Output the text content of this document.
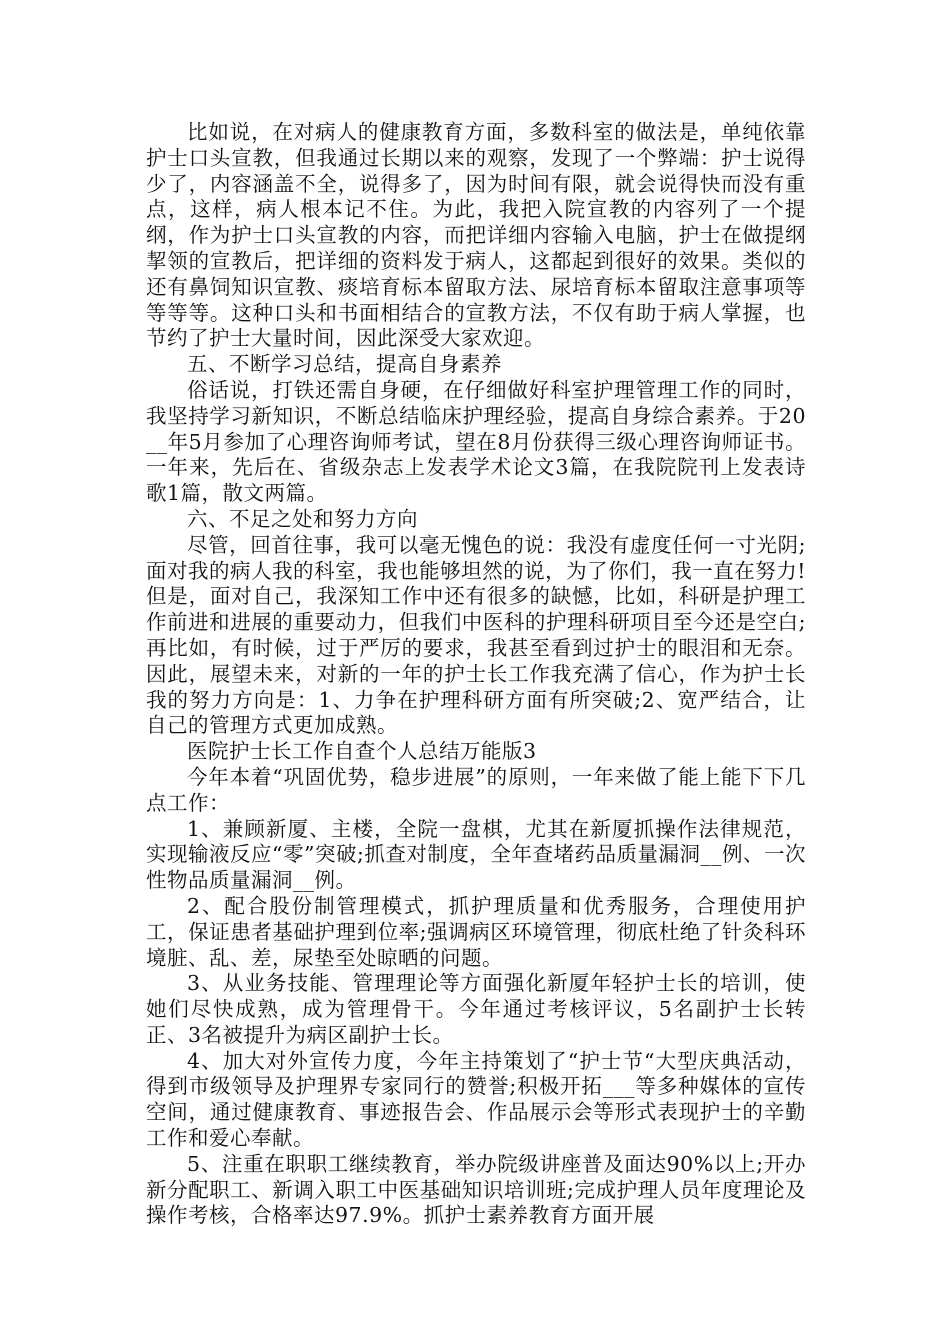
比如说，在对病人的健康教育方面，多数科室的做法是，单纯依靠护士口头宣教，但我通过长期以来的观察，发现了一个弊端：护士说得少了，内容涵盖不全，说得多了，因为时间有限，就会说得快而没有重点，这样，病人根本记不住。为此，我把入院宣教的内容列了一个提纲，作为护士口头宣教的内容，而把详细内容输入电脑，护士在做提纲挈领的宣教后，把详细的资料发于病人，这都起到很好的效果。类似的还有鼻饲知识宣教、痰培育标本留取方法、尿培育标本留取注意事项等等等等。这种口头和书面相结合的宣教方法，不仅有助于病人掌握，也节约了护士大量时间，因此深受大家欢迎。

五、不断学习总结，提高自身素养

俗话说，打铁还需自身硬，在仔细做好科室护理管理工作的同时，我坚持学习新知识，不断总结临床护理经验，提高自身综合素养。于20__年5月参加了心理咨询师考试，望在8月份获得三级心理咨询师证书。一年来，先后在、省级杂志上发表学术论文3篇，在我院院刊上发表诗歌1篇，散文两篇。

六、不足之处和努力方向

尽管，回首往事，我可以毫无愧色的说：我没有虚度任何一寸光阴;面对我的病人我的科室，我也能够坦然的说，为了你们，我一直在努力!但是，面对自己，我深知工作中还有很多的缺憾，比如，科研是护理工作前进和进展的重要动力，但我们中医科的护理科研项目至今还是空白;再比如，有时候，过于严厉的要求，我甚至看到过护士的眼泪和无奈。因此，展望未来，对新的一年的护士长工作我充满了信心，作为护士长我的努力方向是：1、力争在护理科研方面有所突破;2、宽严结合，让自己的管理方式更加成熟。

医院护士长工作自查个人总结万能版3

今年本着“巩固优势，稳步进展”的原则，一年来做了能上能下下几点工作：

1、兼顾新厦、主楼，全院一盘棋，尤其在新厦抓操作法律规范，实现输液反应“零”突破;抓查对制度，全年查堵药品质量漏洞__例、一次性物品质量漏洞__例。

2、配合股份制管理模式，抓护理质量和优秀服务，合理使用护工，保证患者基础护理到位率;强调病区环境管理，彻底杜绝了针灸科环境脏、乱、差，尿垫至处晾晒的问题。

3、从业务技能、管理理论等方面强化新厦年轻护士长的培训，使她们尽快成熟，成为管理骨干。今年通过考核评议，5名副护士长转正、3名被提升为病区副护士长。

4、加大对外宣传力度，今年主持策划了“护士节“大型庆典活动，得到市级领导及护理界专家同行的赞誉;积极开拓___等多种媒体的宣传空间，通过健康教育、事迹报告会、作品展示会等形式表现护士的辛勤工作和爱心奉献。

5、注重在职职工继续教育，举办院级讲座普及面达90%以上;开办新分配职工、新调入职工中医基础知识培训班;完成护理人员年度理论及操作考核，合格率达97.9%。抓护士素养教育方面开展
